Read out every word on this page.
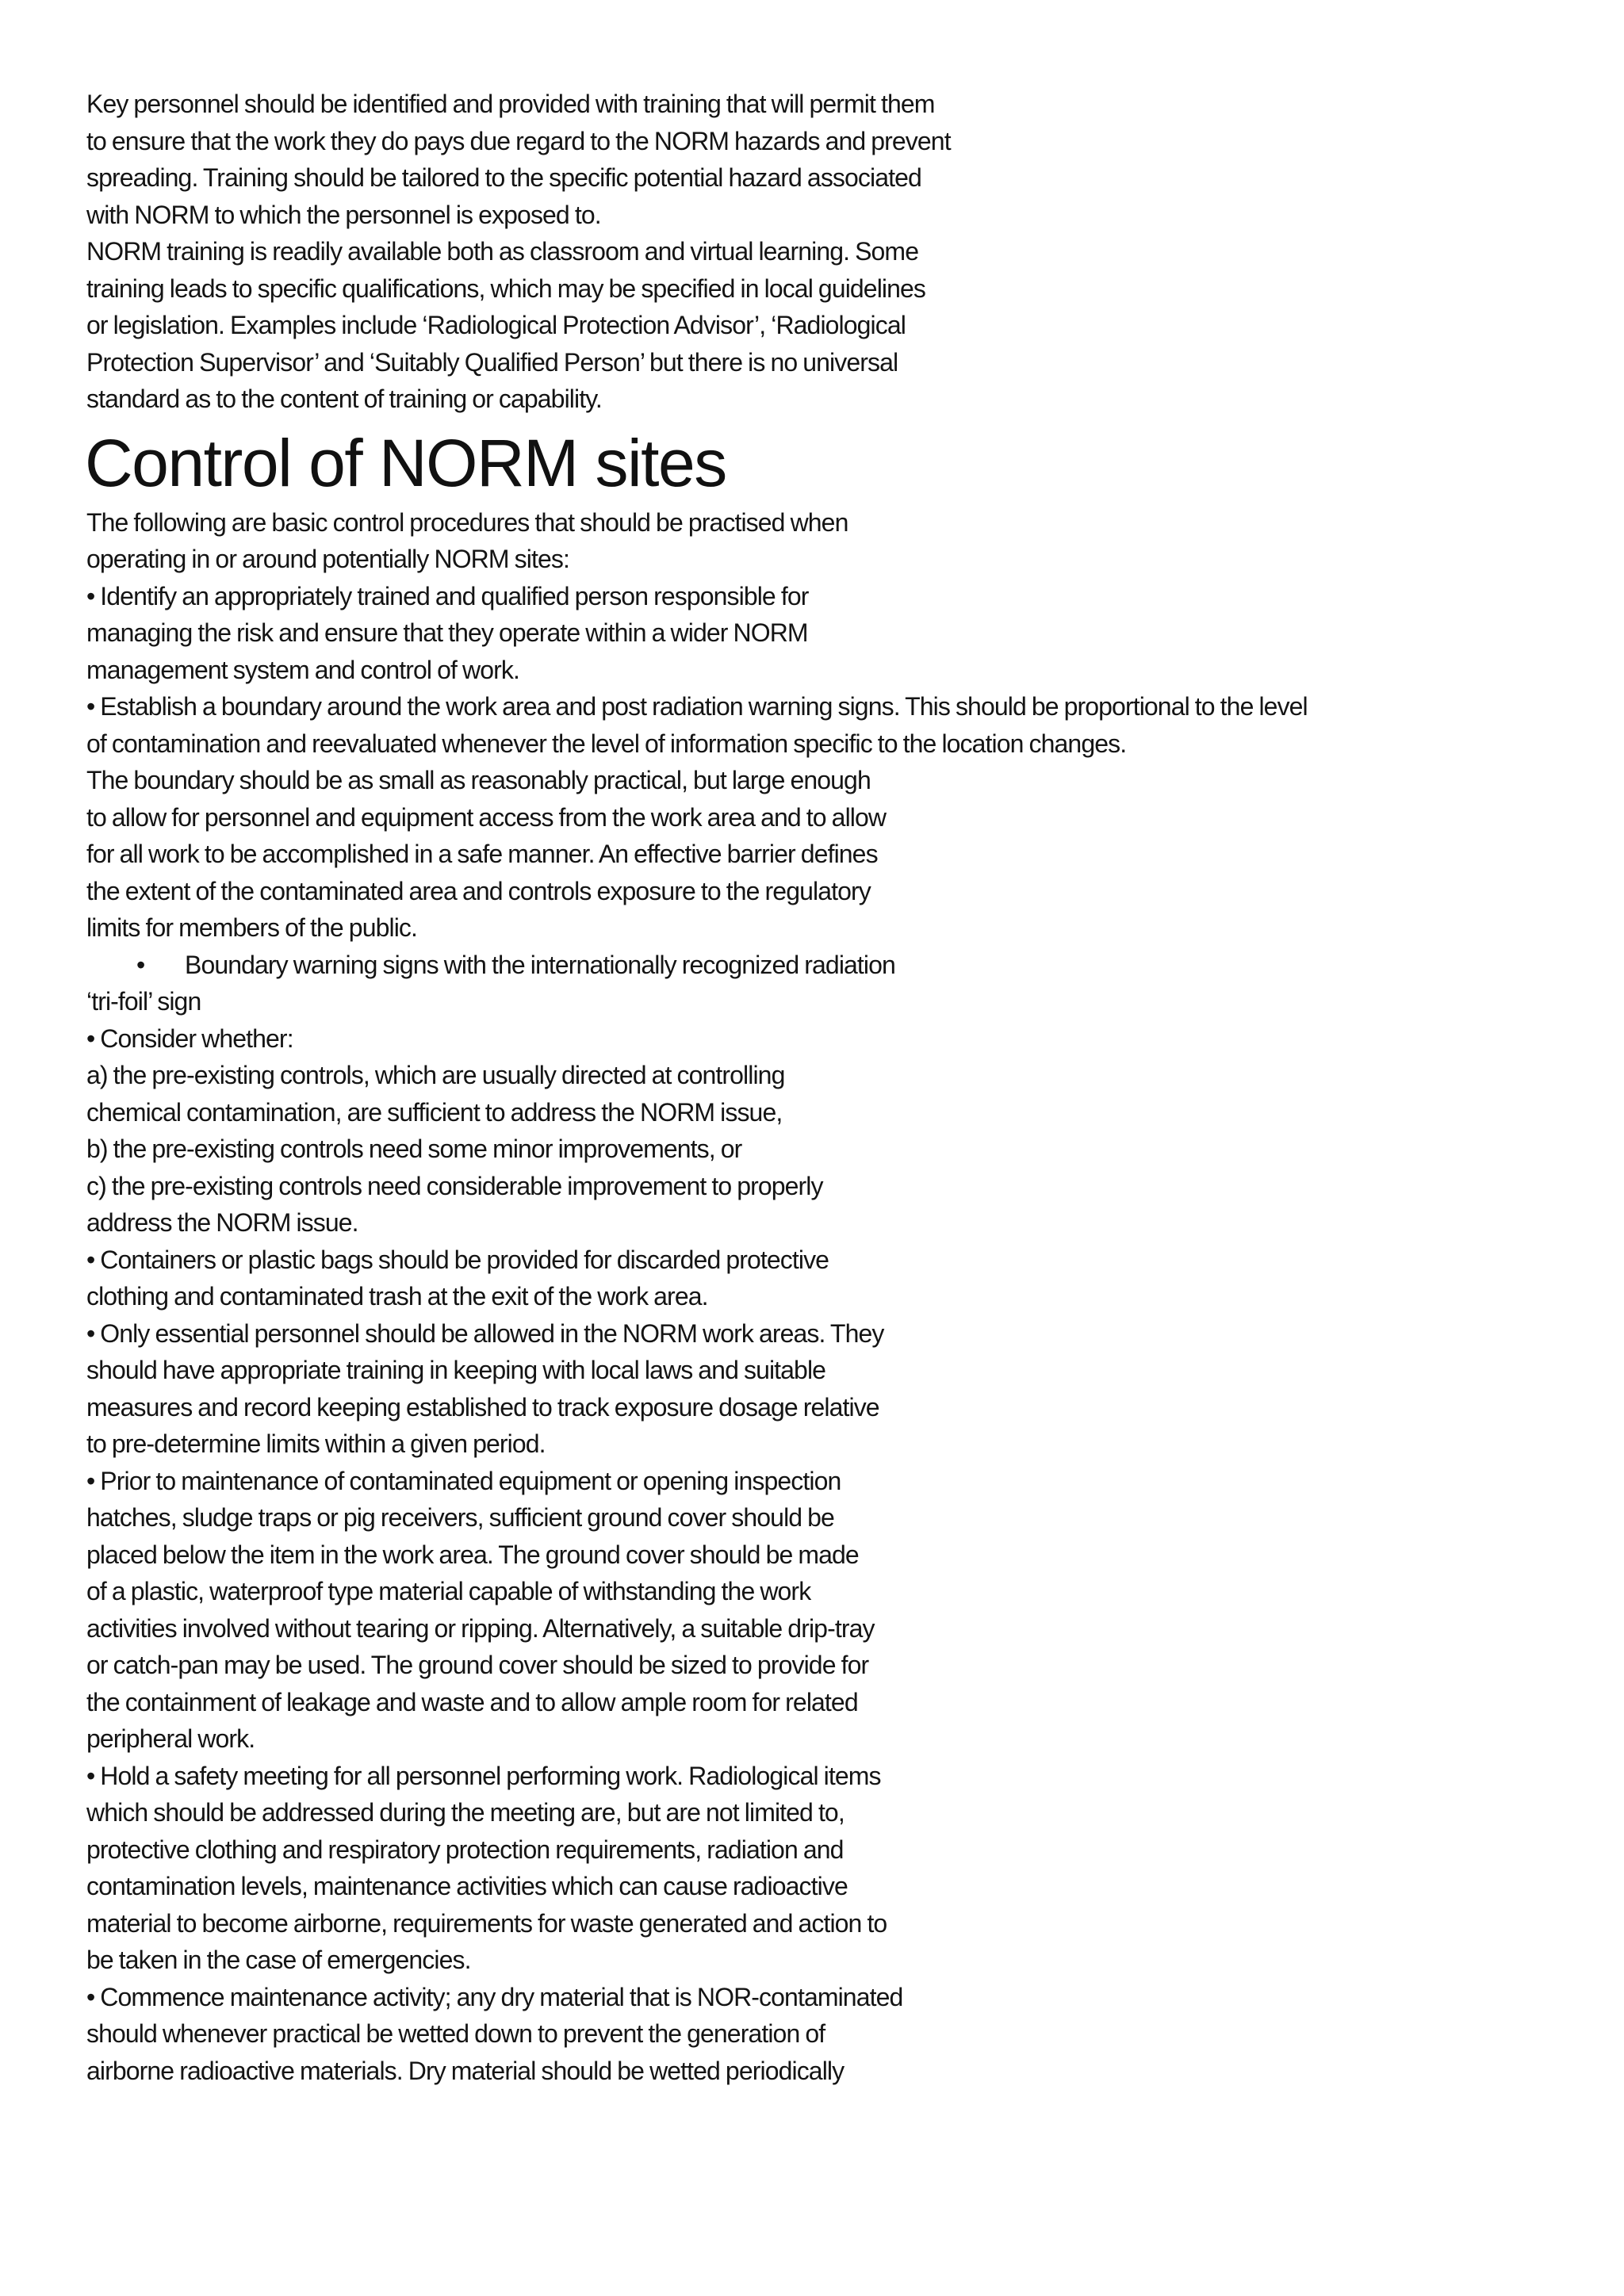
Key personnel should be identified and provided with training that will permit them

to ensure that the work they do pays due regard to the NORM hazards and prevent

spreading. Training should be tailored to the specific potential hazard associated

with NORM to which the personnel is exposed to.

NORM training is readily available both as classroom and virtual learning. Some

training leads to specific qualifications, which may be specified in local guidelines

or legislation. Examples include ‘Radiological Protection Advisor’, ‘Radiological

Protection Supervisor’ and ‘Suitably Qualified Person’ but there is no universal

standard as to the content of training or capability.

Control of NORM sites

The following are basic control procedures that should be practised when

operating in or around potentially NORM sites:

• Identify an appropriately trained and qualified person responsible for

managing the risk and ensure that they operate within a wider NORM

management system and control of work.

• Establish a boundary around the work area and post radiation warning signs. This should be proportional to the level

of contamination and reevaluated whenever the level of information specific to the location changes.

The boundary should be as small as reasonably practical, but large enough

to allow for personnel and equipment access from the work area and to allow

for all work to be accomplished in a safe manner. An effective barrier defines

the extent of the contaminated area and controls exposure to the regulatory

limits for members of the public.

• Boundary warning signs with the internationally recognized radiation

‘tri-foil’ sign

• Consider whether:

a) the pre-existing controls, which are usually directed at controlling

chemical contamination, are sufficient to address the NORM issue,

b) the pre-existing controls need some minor improvements, or

c) the pre-existing controls need considerable improvement to properly

address the NORM issue.

• Containers or plastic bags should be provided for discarded protective

clothing and contaminated trash at the exit of the work area.

• Only essential personnel should be allowed in the NORM work areas. They

should have appropriate training in keeping with local laws and suitable

measures and record keeping established to track exposure dosage relative

to pre-determine limits within a given period.

• Prior to maintenance of contaminated equipment or opening inspection

hatches, sludge traps or pig receivers, sufficient ground cover should be

placed below the item in the work area. The ground cover should be made

of a plastic, waterproof type material capable of withstanding the work

activities involved without tearing or ripping. Alternatively, a suitable drip-tray

or catch-pan may be used. The ground cover should be sized to provide for

the containment of leakage and waste and to allow ample room for related

peripheral work.

• Hold a safety meeting for all personnel performing work. Radiological items

which should be addressed during the meeting are, but are not limited to,

protective clothing and respiratory protection requirements, radiation and

contamination levels, maintenance activities which can cause radioactive

material to become airborne, requirements for waste generated and action to

be taken in the case of emergencies.

• Commence maintenance activity; any dry material that is NOR-contaminated

should whenever practical be wetted down to prevent the generation of

airborne radioactive materials. Dry material should be wetted periodically
